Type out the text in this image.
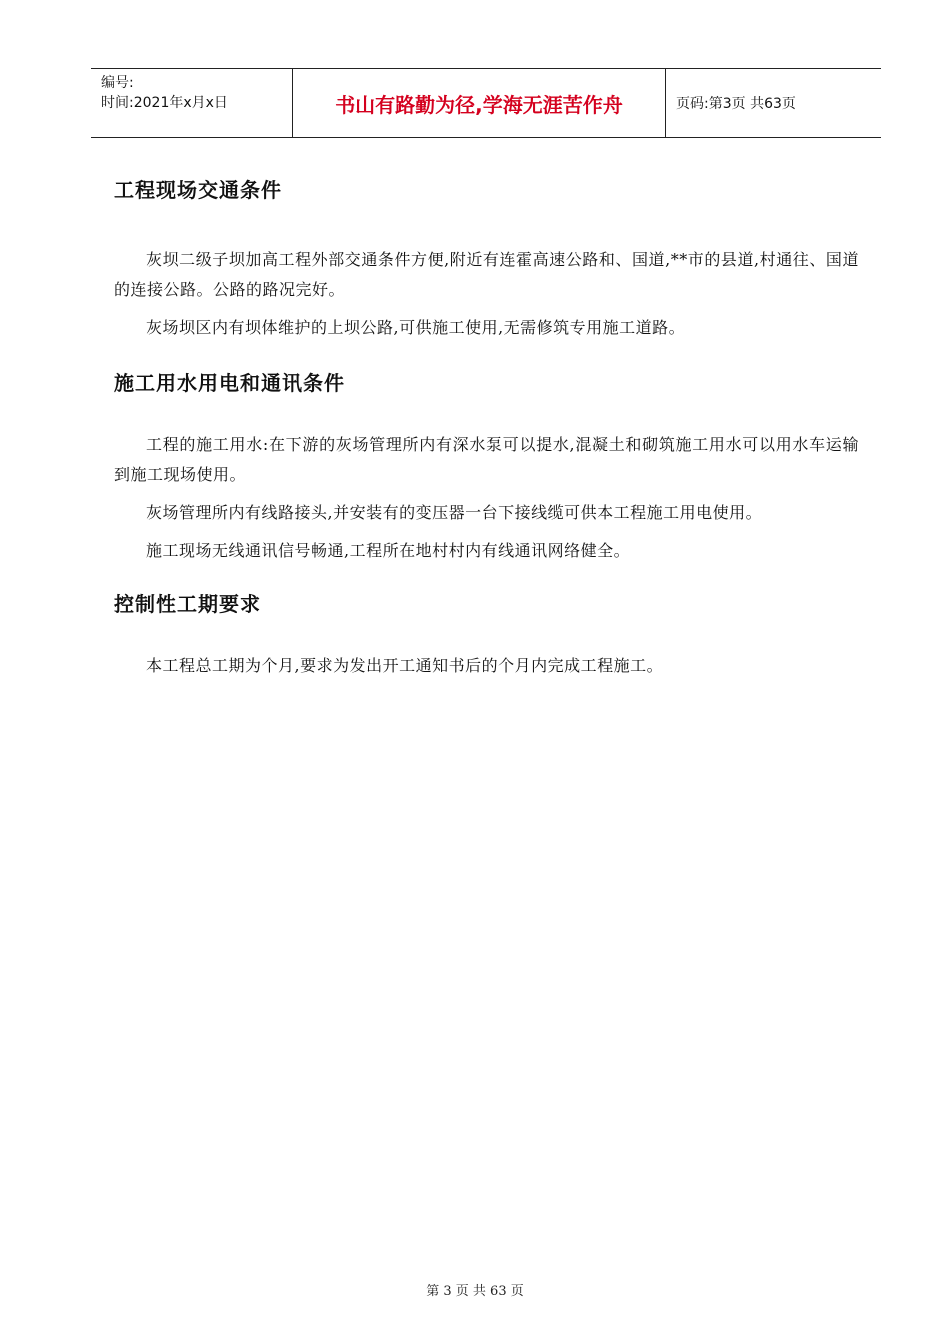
编号:
时间:2021年x月x日	书山有路勤为径,学海无涯苦作舟	页码:第3页 共63页
工程现场交通条件

灰坝二级子坝加高工程外部交通条件方便,附近有连霍高速公路和、国道,**市的县道,村通往、国道的连接公路。公路的路况完好。

灰场坝区内有坝体维护的上坝公路,可供施工使用,无需修筑专用施工道路。

施工用水用电和通讯条件

工程的施工用水:在下游的灰场管理所内有深水泵可以提水,混凝土和砌筑施工用水可以用水车运输到施工现场使用。

灰场管理所内有线路接头,并安装有的变压器一台下接线缆可供本工程施工用电使用。

施工现场无线通讯信号畅通,工程所在地村村内有线通讯网络健全。

控制性工期要求

本工程总工期为个月,要求为发出开工通知书后的个月内完成工程施工。

第 3 页 共 63 页
